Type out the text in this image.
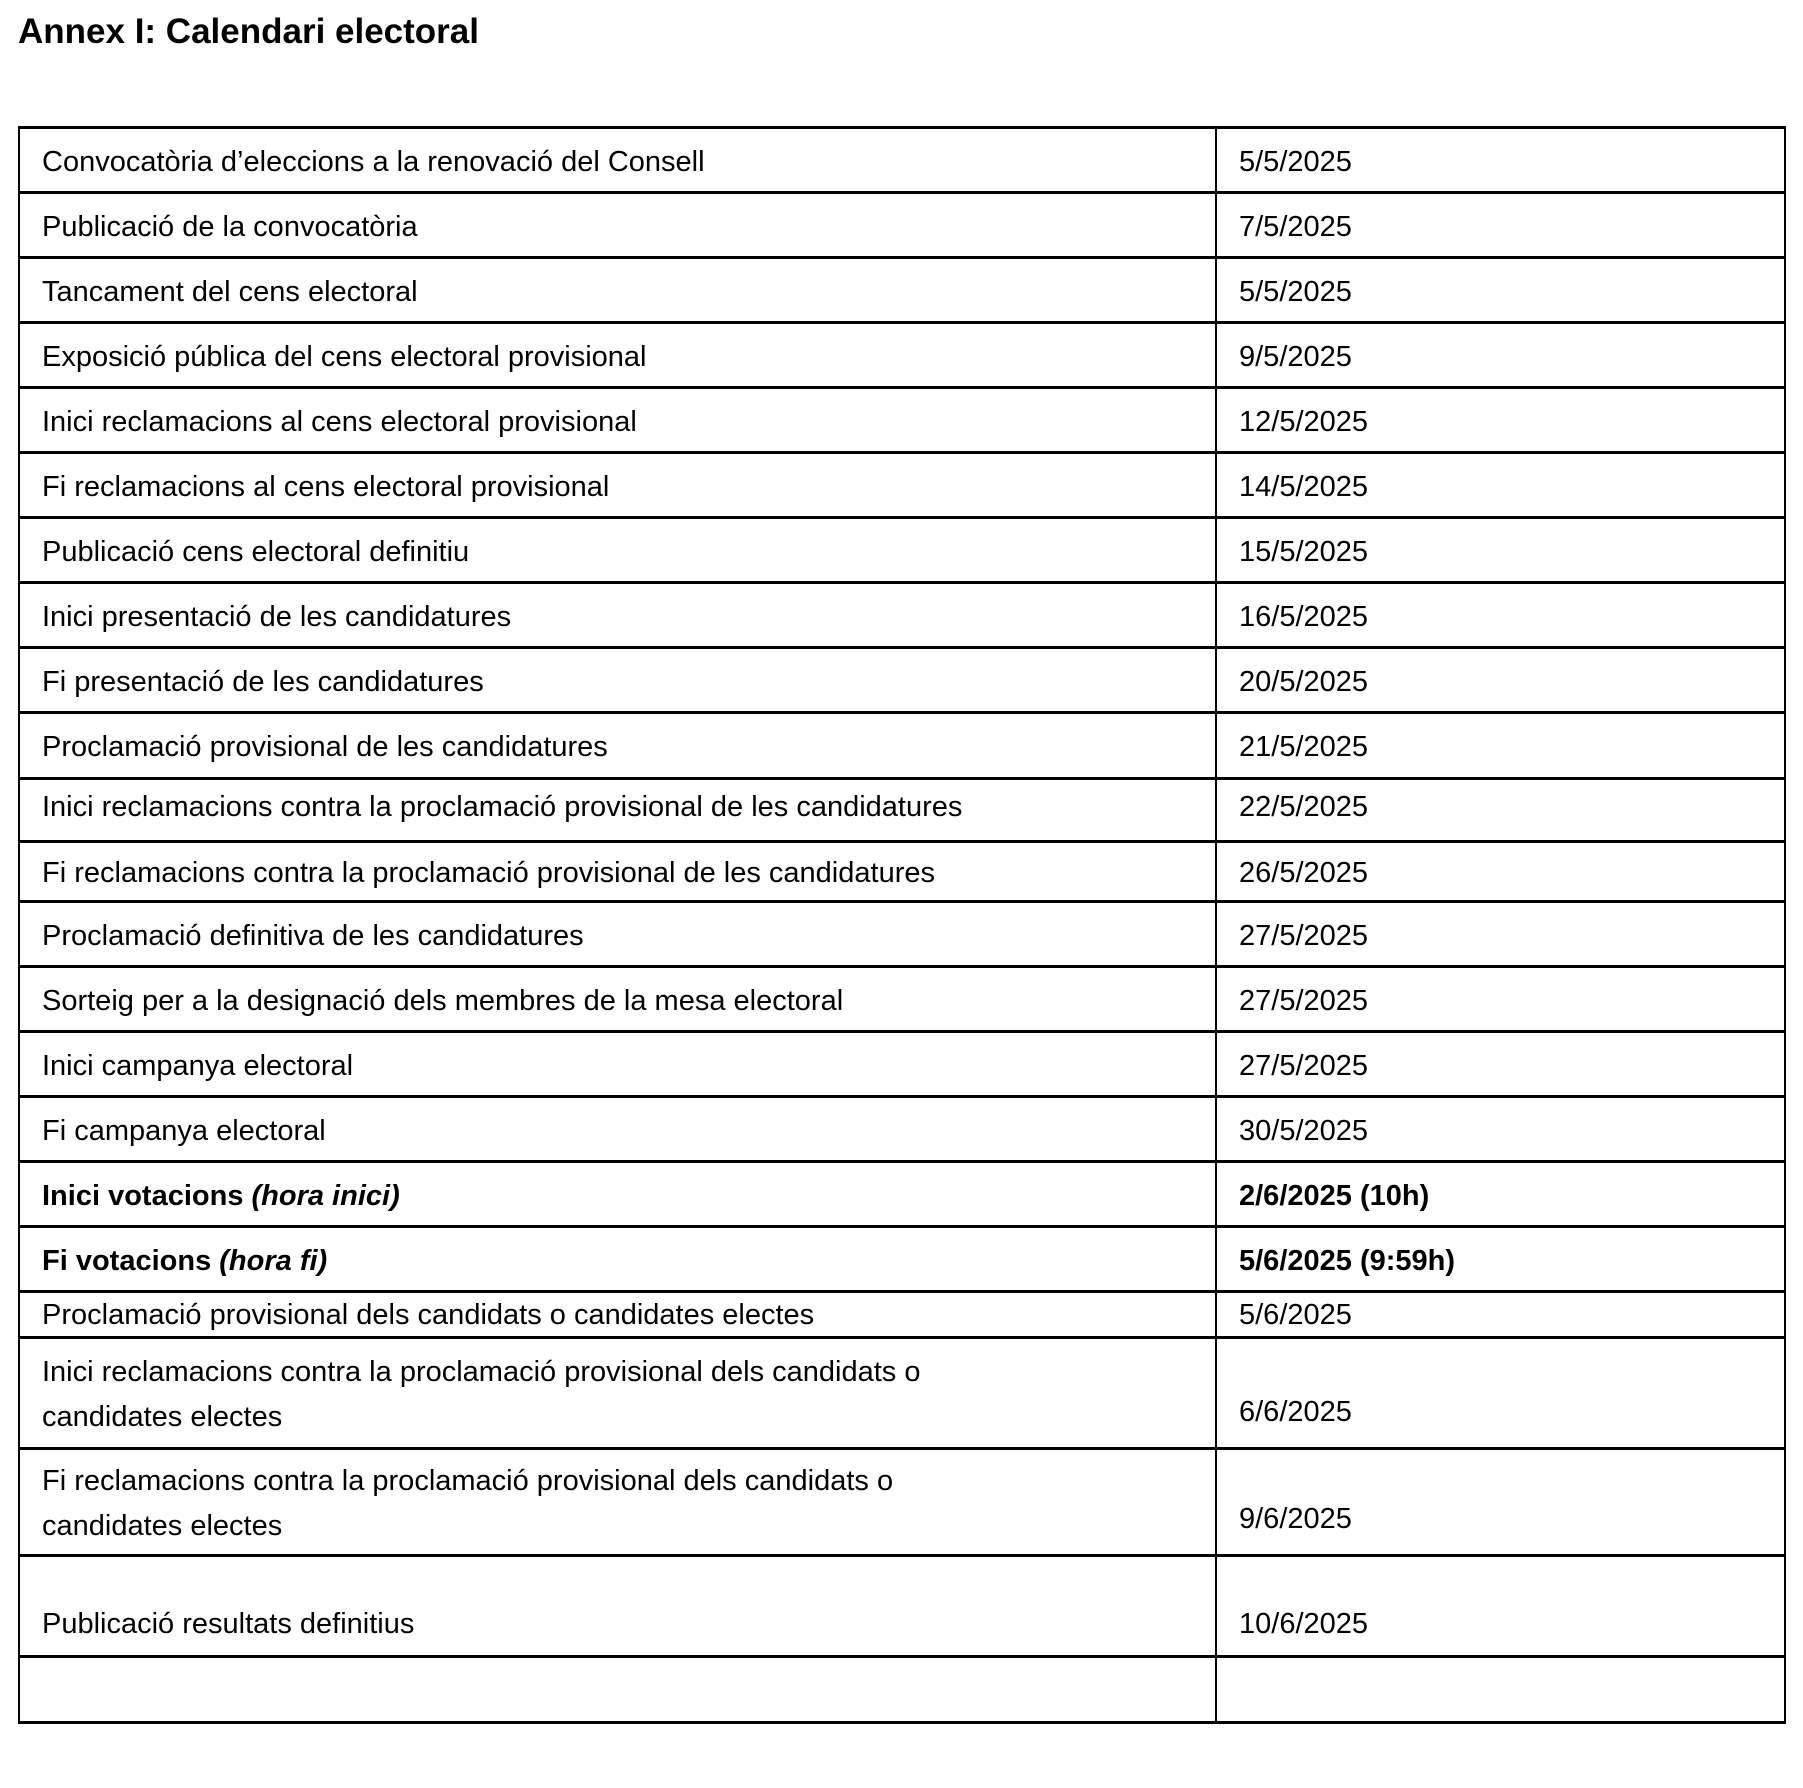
Annex I: Calendari electoral
Convocatòria d’eleccions a la renovació del Consell	5/5/2025
Publicació de la convocatòria	7/5/2025
Tancament del cens electoral	5/5/2025
Exposició pública del cens electoral provisional	9/5/2025
Inici reclamacions al cens electoral provisional	12/5/2025
Fi reclamacions al cens electoral provisional	14/5/2025
Publicació cens electoral definitiu	15/5/2025
Inici presentació de les candidatures	16/5/2025
Fi presentació de les candidatures	20/5/2025
Proclamació provisional de les candidatures	21/5/2025
Inici reclamacions contra la proclamació provisional de les candidatures	22/5/2025
Fi reclamacions contra la proclamació provisional de les candidatures	26/5/2025
Proclamació definitiva de les candidatures	27/5/2025
Sorteig per a la designació dels membres de la mesa electoral	27/5/2025
Inici campanya electoral	27/5/2025
Fi campanya electoral	30/5/2025
Inici votacions (hora inici)	2/6/2025 (10h)
Fi votacions (hora fi)	5/6/2025 (9:59h)
Proclamació provisional dels candidats o candidates electes	5/6/2025
Inici reclamacions contra la proclamació provisional dels candidats o
candidates electes	6/6/2025
Fi reclamacions contra la proclamació provisional dels candidats o
candidates electes	9/6/2025
Publicació resultats definitius	10/6/2025
